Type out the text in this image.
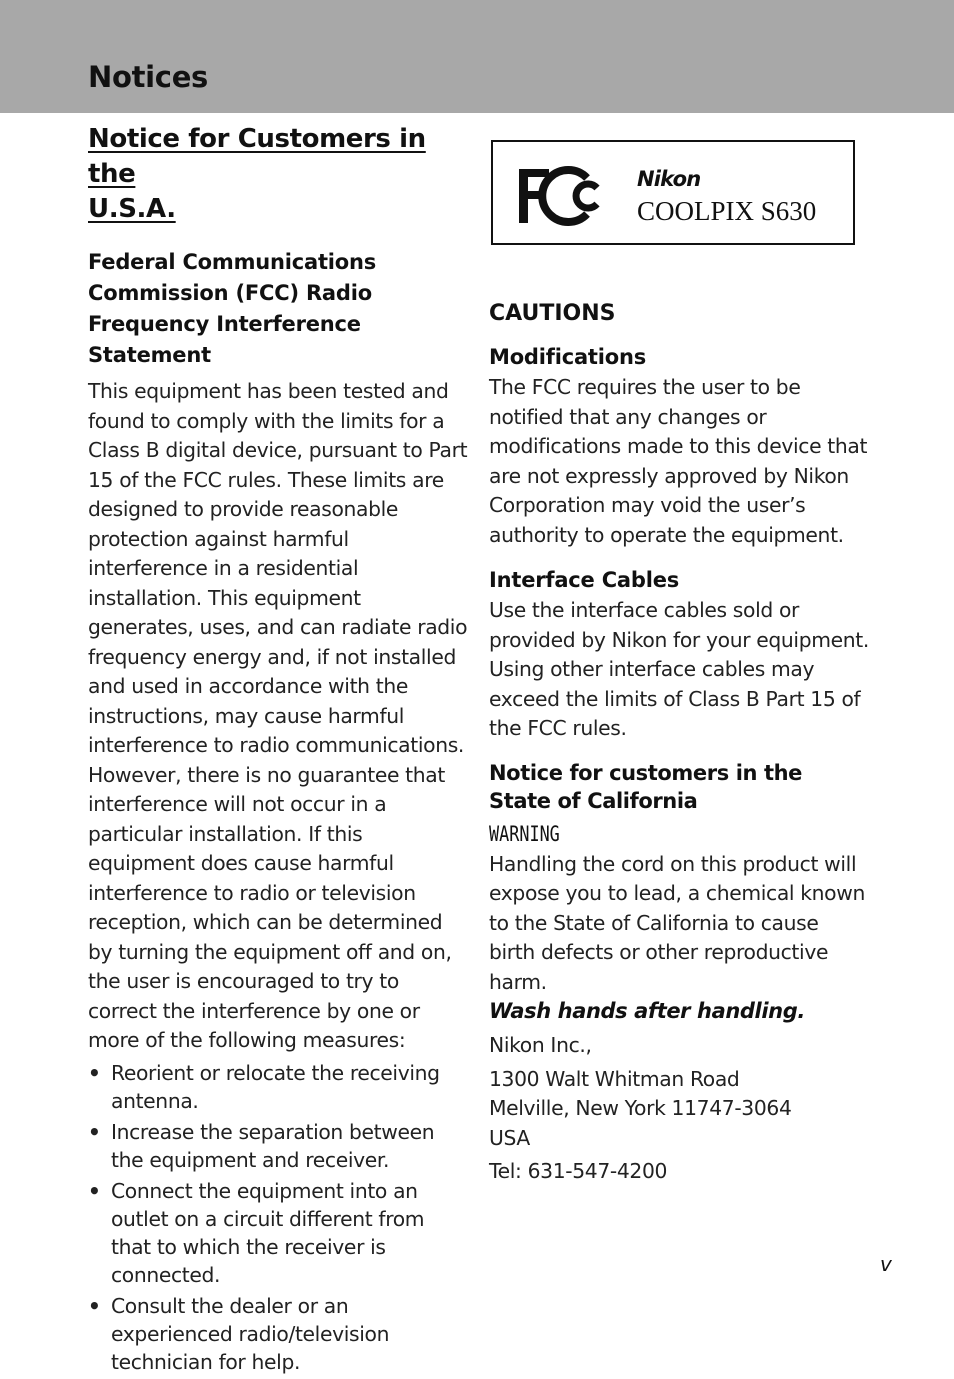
Notices
Notice for Customers in the
U.S.A.
Federal Communications Commission (FCC) Radio Frequency Interference Statement

This equipment has been tested and found to comply with the limits for a Class B digital device, pursuant to Part 15 of the FCC rules. These limits are designed to provide reasonable protection against harmful interference in a residential installation. This equipment generates, uses, and can radiate radio frequency energy and, if not installed and used in accordance with the instructions, may cause harmful interference to radio communications. However, there is no guarantee that interference will not occur in a particular installation. If this equipment does cause harmful interference to radio or television reception, which can be determined by turning the equipment off and on, the user is encouraged to try to correct the interference by one or more of the following measures:

• Reorient or relocate the receiving antenna.
• Increase the separation between the equipment and receiver.
• Connect the equipment into an outlet on a circuit different from that to which the receiver is connected.
• Consult the dealer or an experienced radio/television technician for help.
Nikon
COOLPIX S630
CAUTIONS
Modifications

The FCC requires the user to be notified that any changes or modifications made to this device that are not expressly approved by Nikon Corporation may void the user’s authority to operate the equipment.

Interface Cables

Use the interface cables sold or provided by Nikon for your equipment. Using other interface cables may exceed the limits of Class B Part 15 of the FCC rules.

Notice for customers in the State of California
WARNING

Handling the cord on this product will expose you to lead, a chemical known to the State of California to cause birth defects or other reproductive harm.

Wash hands after handling.

Nikon Inc.,

1300 Walt Whitman Road
Melville, New York 11747-3064
USA

Tel: 631-547-4200

v
